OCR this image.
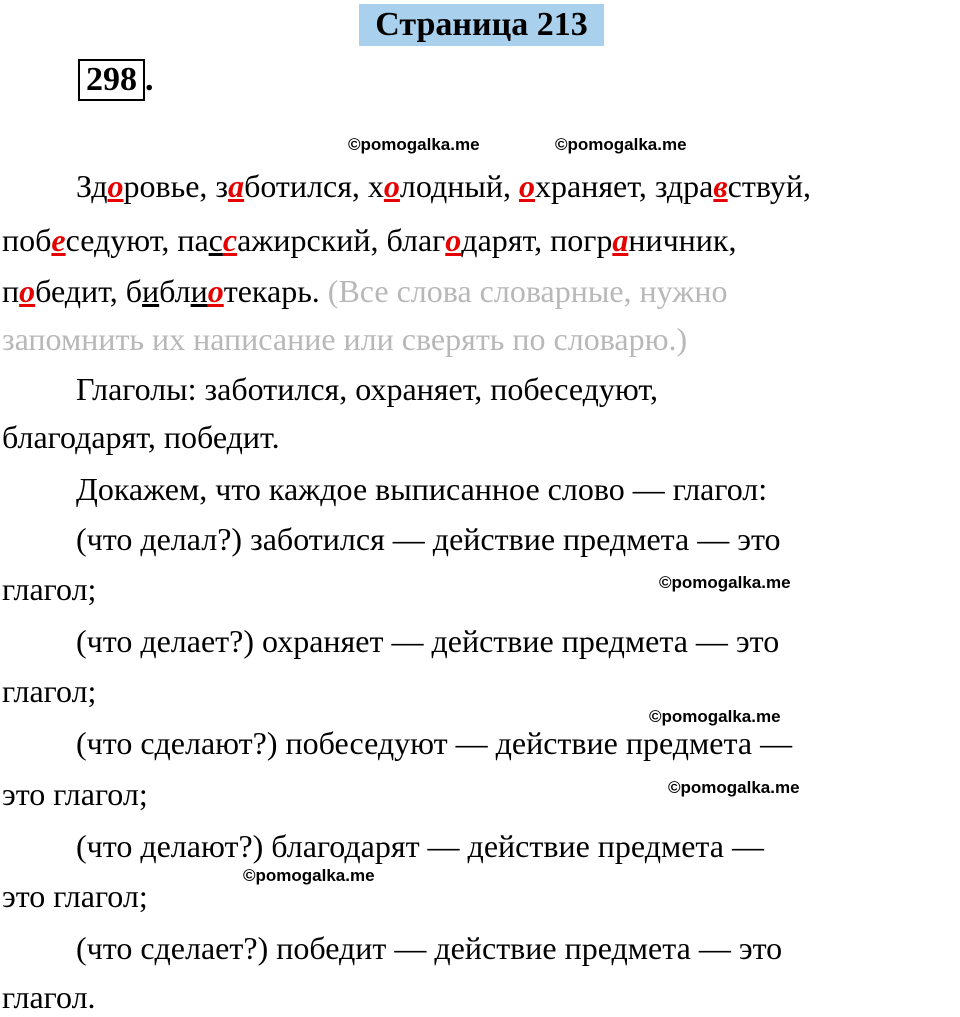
Страница 213
298 .
©pomogalka.me	©pomogalka.me
Здоровье, заботился, холодный, охраняет, здравствуй,
побеседуют, пассажирский, благодарят, пограничник,
победит, библиотекарь. (Все слова словарные, нужно
запомнить их написание или сверять по словарю.)
Глаголы: заботился, охраняет, побеседуют,
благодарят, победит.
Докажем, что каждое выписанное слово — глагол:
(что делал?) заботился — действие предмета — это
глагол;	©pomogalka.me
(что делает?) охраняет — действие предмета — это
глагол;
©pomogalka.me
(что сделают?) побеседуют — действие предмета —
это глагол;	©pomogalka.me
(что делают?) благодарят — действие предмета —
это глагол;
©pomogalka.me
(что сделает?) победит — действие предмета — это
глагол.
